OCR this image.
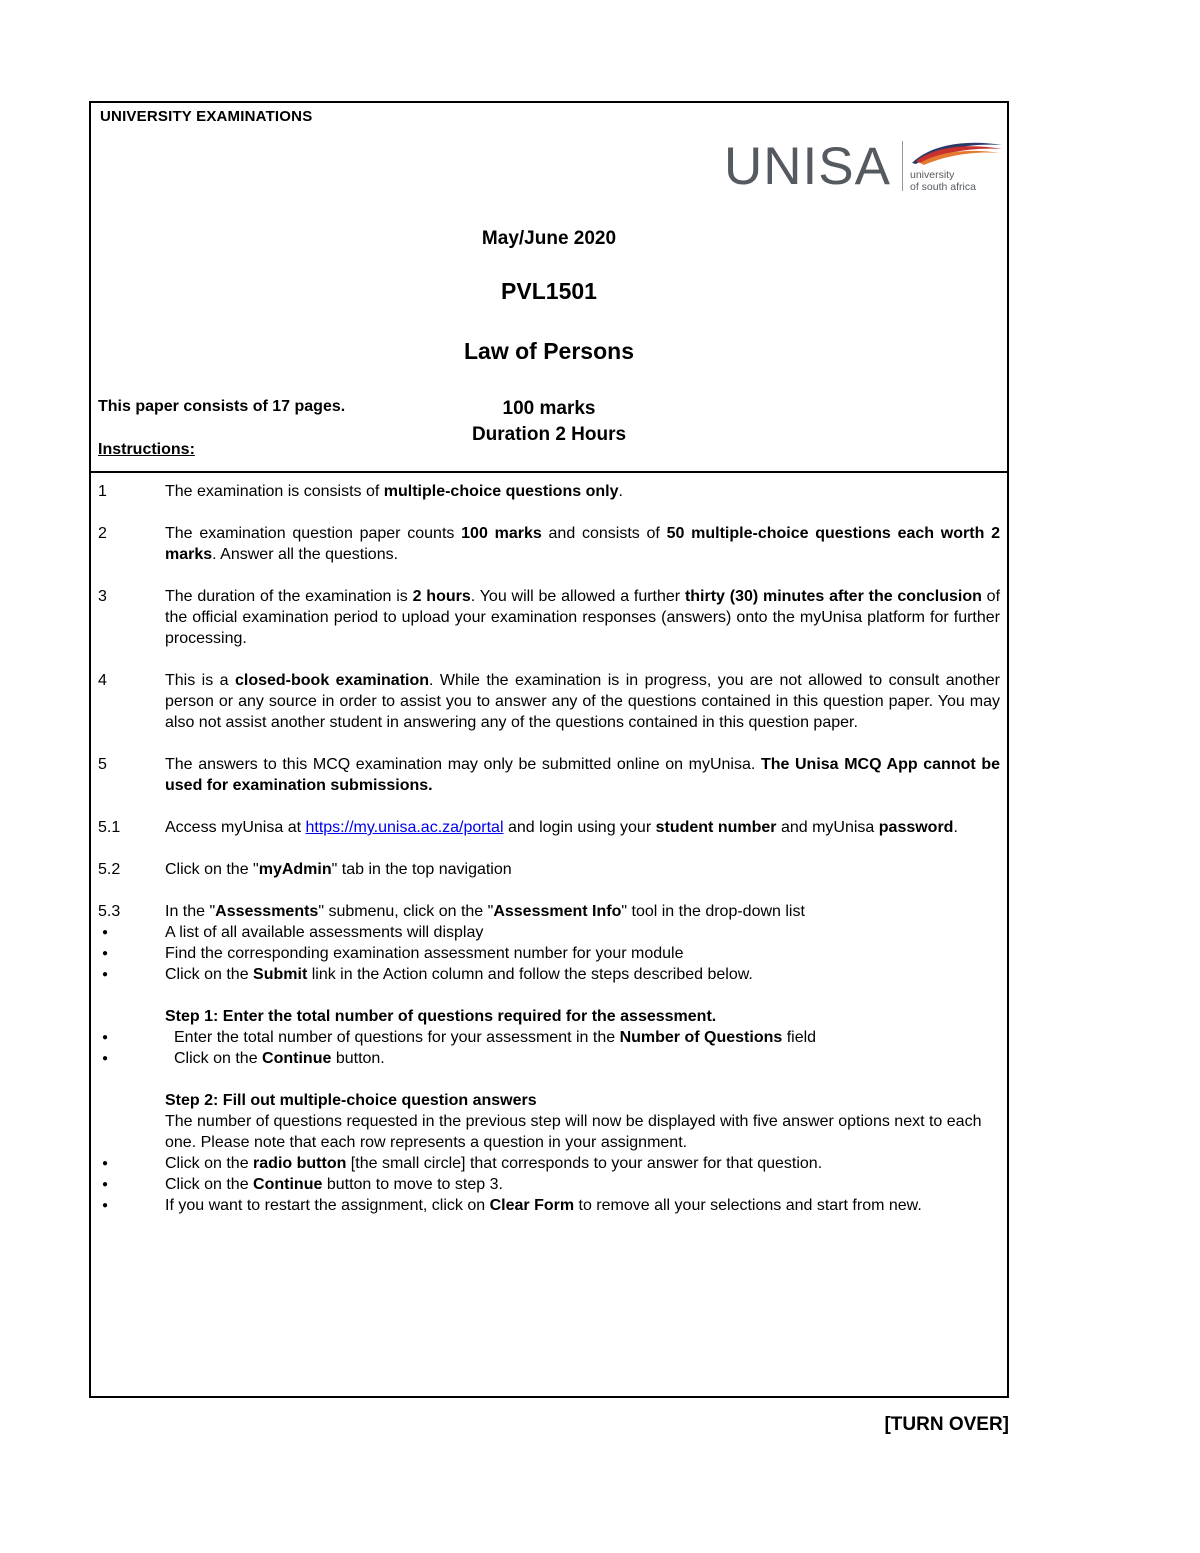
UNIVERSITY EXAMINATIONS
UNISA university
of south africa
May/June 2020
PVL1501
Law of Persons
100 marks
Duration 2 Hours

This paper consists of 17 pages.

Instructions:

1	The examination is consists of multiple-choice questions only.
2	The examination question paper counts 100 marks and consists of 50 multiple-choice questions each worth 2 marks. Answer all the questions.
3	The duration of the examination is 2 hours. You will be allowed a further thirty (30) minutes after the conclusion of the official examination period to upload your examination responses (answers) onto the myUnisa platform for further processing.
4	This is a closed-book examination. While the examination is in progress, you are not allowed to consult another person or any source in order to assist you to answer any of the questions contained in this question paper. You may also not assist another student in answering any of the questions contained in this question paper.
5	The answers to this MCQ examination may only be submitted online on myUnisa. The Unisa MCQ App cannot be used for examination submissions.
5.1	Access myUnisa at https://my.unisa.ac.za/portal and login using your student number and myUnisa password.
5.2	Click on the "myAdmin" tab in the top navigation
5.3	In the "Assessments" submenu, click on the "Assessment Info" tool in the drop-down list
● A list of all available assessments will display
● Find the corresponding examination assessment number for your module
● Click on the Submit link in the Action column and follow the steps described below.
Step 1: Enter the total number of questions required for the assessment.
● Enter the total number of questions for your assessment in the Number of Questions field
● Click on the Continue button.
Step 2: Fill out multiple-choice question answers
The number of questions requested in the previous step will now be displayed with five answer options next to each one. Please note that each row represents a question in your assignment.
● Click on the radio button [the small circle] that corresponds to your answer for that question.
● Click on the Continue button to move to step 3.
● If you want to restart the assignment, click on Clear Form to remove all your selections and start from new.
[TURN OVER]
